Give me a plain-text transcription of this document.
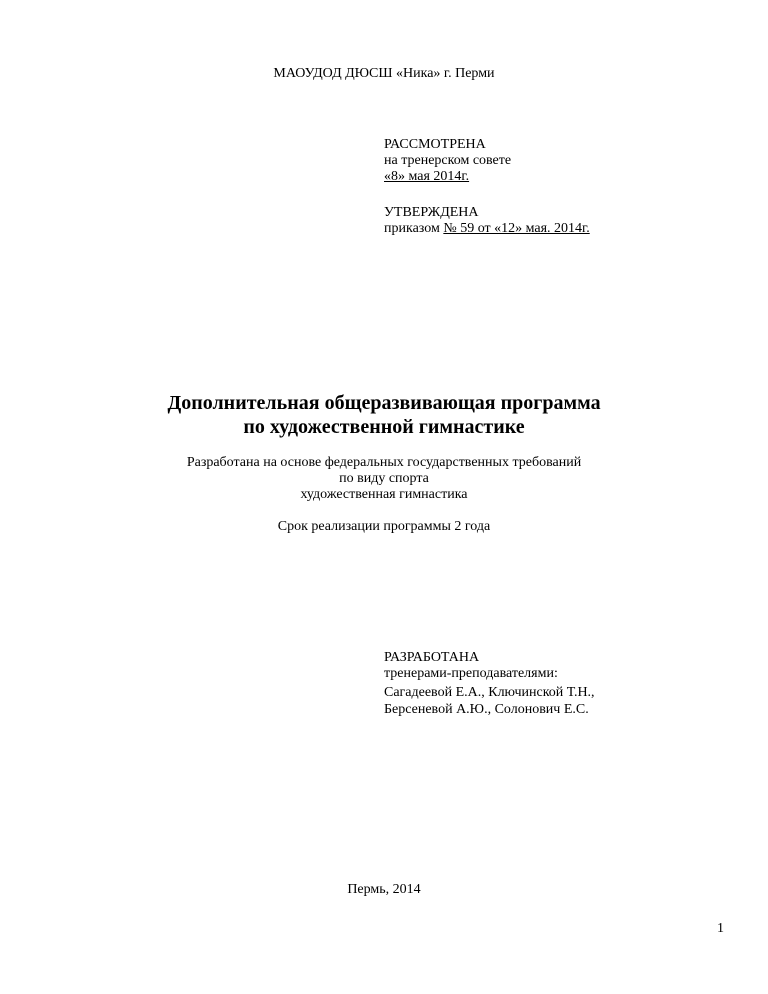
МАОУДОД ДЮСШ «Ника» г. Перми
РАССМОТРЕНА
на тренерском совете
«8» мая 2014г.
УТВЕРЖДЕНА
приказом № 59 от «12» мая. 2014г.
Дополнительная общеразвивающая программа
по художественной гимнастике
Разработана на основе федеральных государственных требований
по виду спорта
художественная гимнастика
Срок реализации программы 2 года
РАЗРАБОТАНА
тренерами-преподавателями:
Сагадеевой Е.А., Ключинской Т.Н.,
Берсеневой А.Ю., Солонович Е.С.
Пермь, 2014
1
